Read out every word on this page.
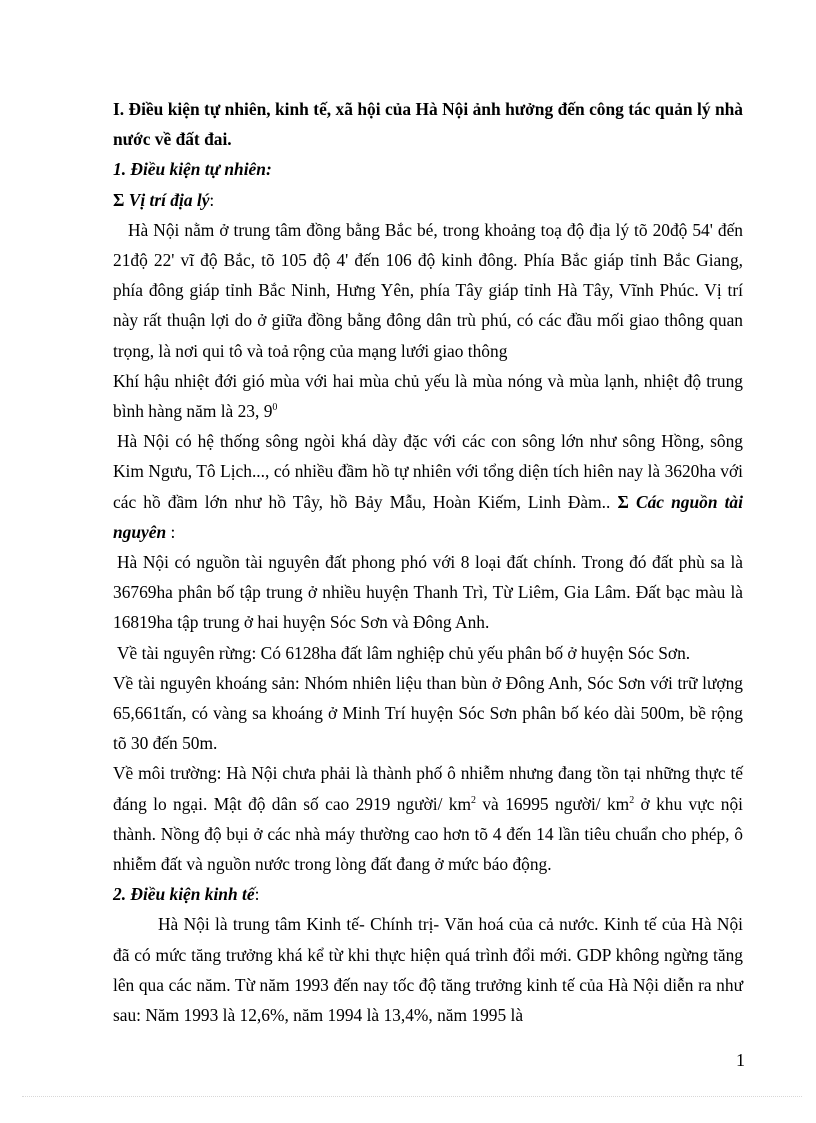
I. Điều kiện tự nhiên, kinh tế, xã hội của Hà Nội ảnh hưởng đến công tác quản lý nhà nước về đất đai.

1. Điều kiện tự nhiên:

Σ Vị trí địa lý:

Hà Nội nằm ở trung tâm đồng bằng Bắc bé, trong khoảng toạ độ địa lý tõ 20độ 54' đến 21độ 22' vĩ độ Bắc, tõ 105 độ 4' đến 106 độ kinh đông. Phía Bắc giáp tỉnh Bắc Giang, phía đông giáp tỉnh Bắc Ninh, Hưng Yên, phía Tây giáp tỉnh Hà Tây, Vĩnh Phúc. Vị trí này rất thuận lợi do ở giữa đồng bằng đông dân trù phú, có các đầu mối giao thông quan trọng, là nơi qui tô và toả rộng của mạng lưới giao thông

Khí hậu nhiệt đới gió mùa với hai mùa chủ yếu là mùa nóng và mùa lạnh, nhiệt độ trung bình hàng năm là 23, $9^0$

Hà Nội có hệ thống sông ngòi khá dày đặc với các con sông lớn như sông Hồng, sông Kim Ngưu, Tô Lịch..., có nhiều đầm hồ tự nhiên với tổng diện tích hiên nay là 3620ha với các hồ đầm lớn như hồ Tây, hồ Bảy Mẫu, Hoàn Kiếm, Linh Đàm.. Σ Các nguồn tài nguyên :

Hà Nội có nguồn tài nguyên đất phong phó với 8 loại đất chính. Trong đó đất phù sa là 36769ha phân bố tập trung ở nhiều huyện Thanh Trì, Từ Liêm, Gia Lâm. Đất bạc màu là 16819ha tập trung ở hai huyện Sóc Sơn và Đông Anh.

Về tài nguyên rừng: Có 6128ha đất lâm nghiệp chủ yếu phân bố ở huyện Sóc Sơn.

Về tài nguyên khoáng sản: Nhóm nhiên liệu than bùn ở Đông Anh, Sóc Sơn với trữ lượng 65,661tấn, có vàng sa khoáng ở Minh Trí huyện Sóc Sơn phân bố kéo dài 500m, bề rộng tõ 30 đến 50m.

Về môi trường: Hà Nội chưa phải là thành phố ô nhiễm nhưng đang tồn tại những thực tế đáng lo ngại. Mật độ dân số cao 2919 người/ $km^2$ và 16995 người/ $km^2$ ở khu vực nội thành. Nồng độ bụi ở các nhà máy thường cao hơn tõ 4 đến 14 lần tiêu chuẩn cho phép, ô nhiễm đất và nguồn nước trong lòng đất đang ở mức báo động.

2. Điều kiện kinh tế:

Hà Nội là trung tâm Kinh tế- Chính trị- Văn hoá của cả nước. Kinh tế của Hà Nội đã có mức tăng trưởng khá kể từ khi thực hiện quá trình đổi mới. GDP không ngừng tăng lên qua các năm. Từ năm 1993 đến nay tốc độ tăng trưởng kinh tế của Hà Nội diễn ra như sau: Năm 1993 là 12,6%, năm 1994 là 13,4%, năm 1995 là

1
